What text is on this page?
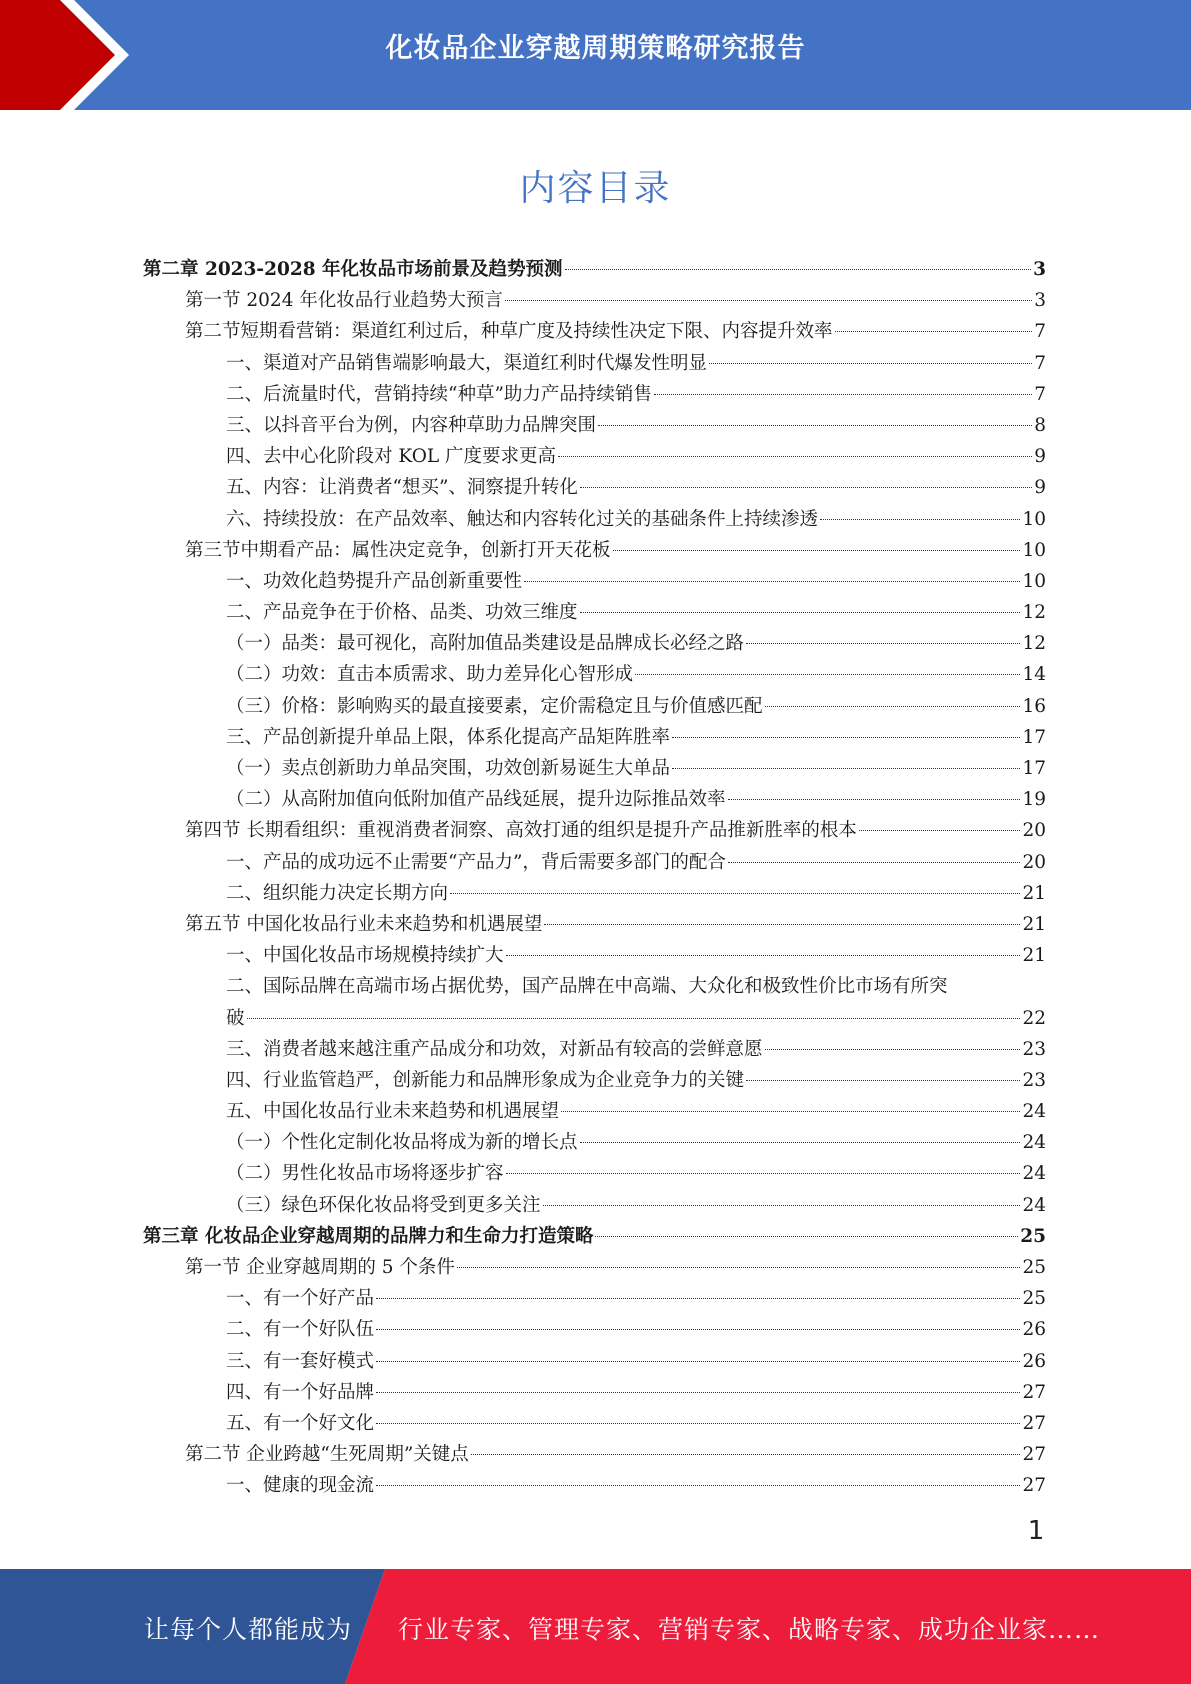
化妆品企业穿越周期策略研究报告
内容目录
第二章 2023-2028 年化妆品市场前景及趋势预测	3
第一节 2024 年化妆品行业趋势大预言	3
第二节短期看营销：渠道红利过后，种草广度及持续性决定下限、内容提升效率	7
一、渠道对产品销售端影响最大，渠道红利时代爆发性明显	7
二、后流量时代，营销持续“种草”助力产品持续销售	7
三、以抖音平台为例，内容种草助力品牌突围	8
四、去中心化阶段对 KOL 广度要求更高	9
五、内容：让消费者“想买”、洞察提升转化	9
六、持续投放：在产品效率、触达和内容转化过关的基础条件上持续渗透	10
第三节中期看产品：属性决定竞争，创新打开天花板	10
一、功效化趋势提升产品创新重要性	10
二、产品竞争在于价格、品类、功效三维度	12
（一）品类：最可视化，高附加值品类建设是品牌成长必经之路	12
（二）功效：直击本质需求、助力差异化心智形成	14
（三）价格：影响购买的最直接要素，定价需稳定且与价值感匹配	16
三、产品创新提升单品上限，体系化提高产品矩阵胜率	17
（一）卖点创新助力单品突围，功效创新易诞生大单品	17
（二）从高附加值向低附加值产品线延展，提升边际推品效率	19
第四节 长期看组织：重视消费者洞察、高效打通的组织是提升产品推新胜率的根本	20
一、产品的成功远不止需要“产品力”，背后需要多部门的配合	20
二、组织能力决定长期方向	21
第五节 中国化妆品行业未来趋势和机遇展望	21
一、中国化妆品市场规模持续扩大	21
二、国际品牌在高端市场占据优势，国产品牌在中高端、大众化和极致性价比市场有所突
破	22
三、消费者越来越注重产品成分和功效，对新品有较高的尝鲜意愿	23
四、行业监管趋严，创新能力和品牌形象成为企业竞争力的关键	23
五、中国化妆品行业未来趋势和机遇展望	24
（一）个性化定制化妆品将成为新的增长点	24
（二）男性化妆品市场将逐步扩容	24
（三）绿色环保化妆品将受到更多关注	24
第三章 化妆品企业穿越周期的品牌力和生命力打造策略	25
第一节 企业穿越周期的 5 个条件	25
一、有一个好产品	25
二、有一个好队伍	26
三、有一套好模式	26
四、有一个好品牌	27
五、有一个好文化	27
第二节 企业跨越“生死周期”关键点	27
一、健康的现金流	27
1
让每个人都能成为 行业专家、管理专家、营销专家、战略专家、成功企业家……
